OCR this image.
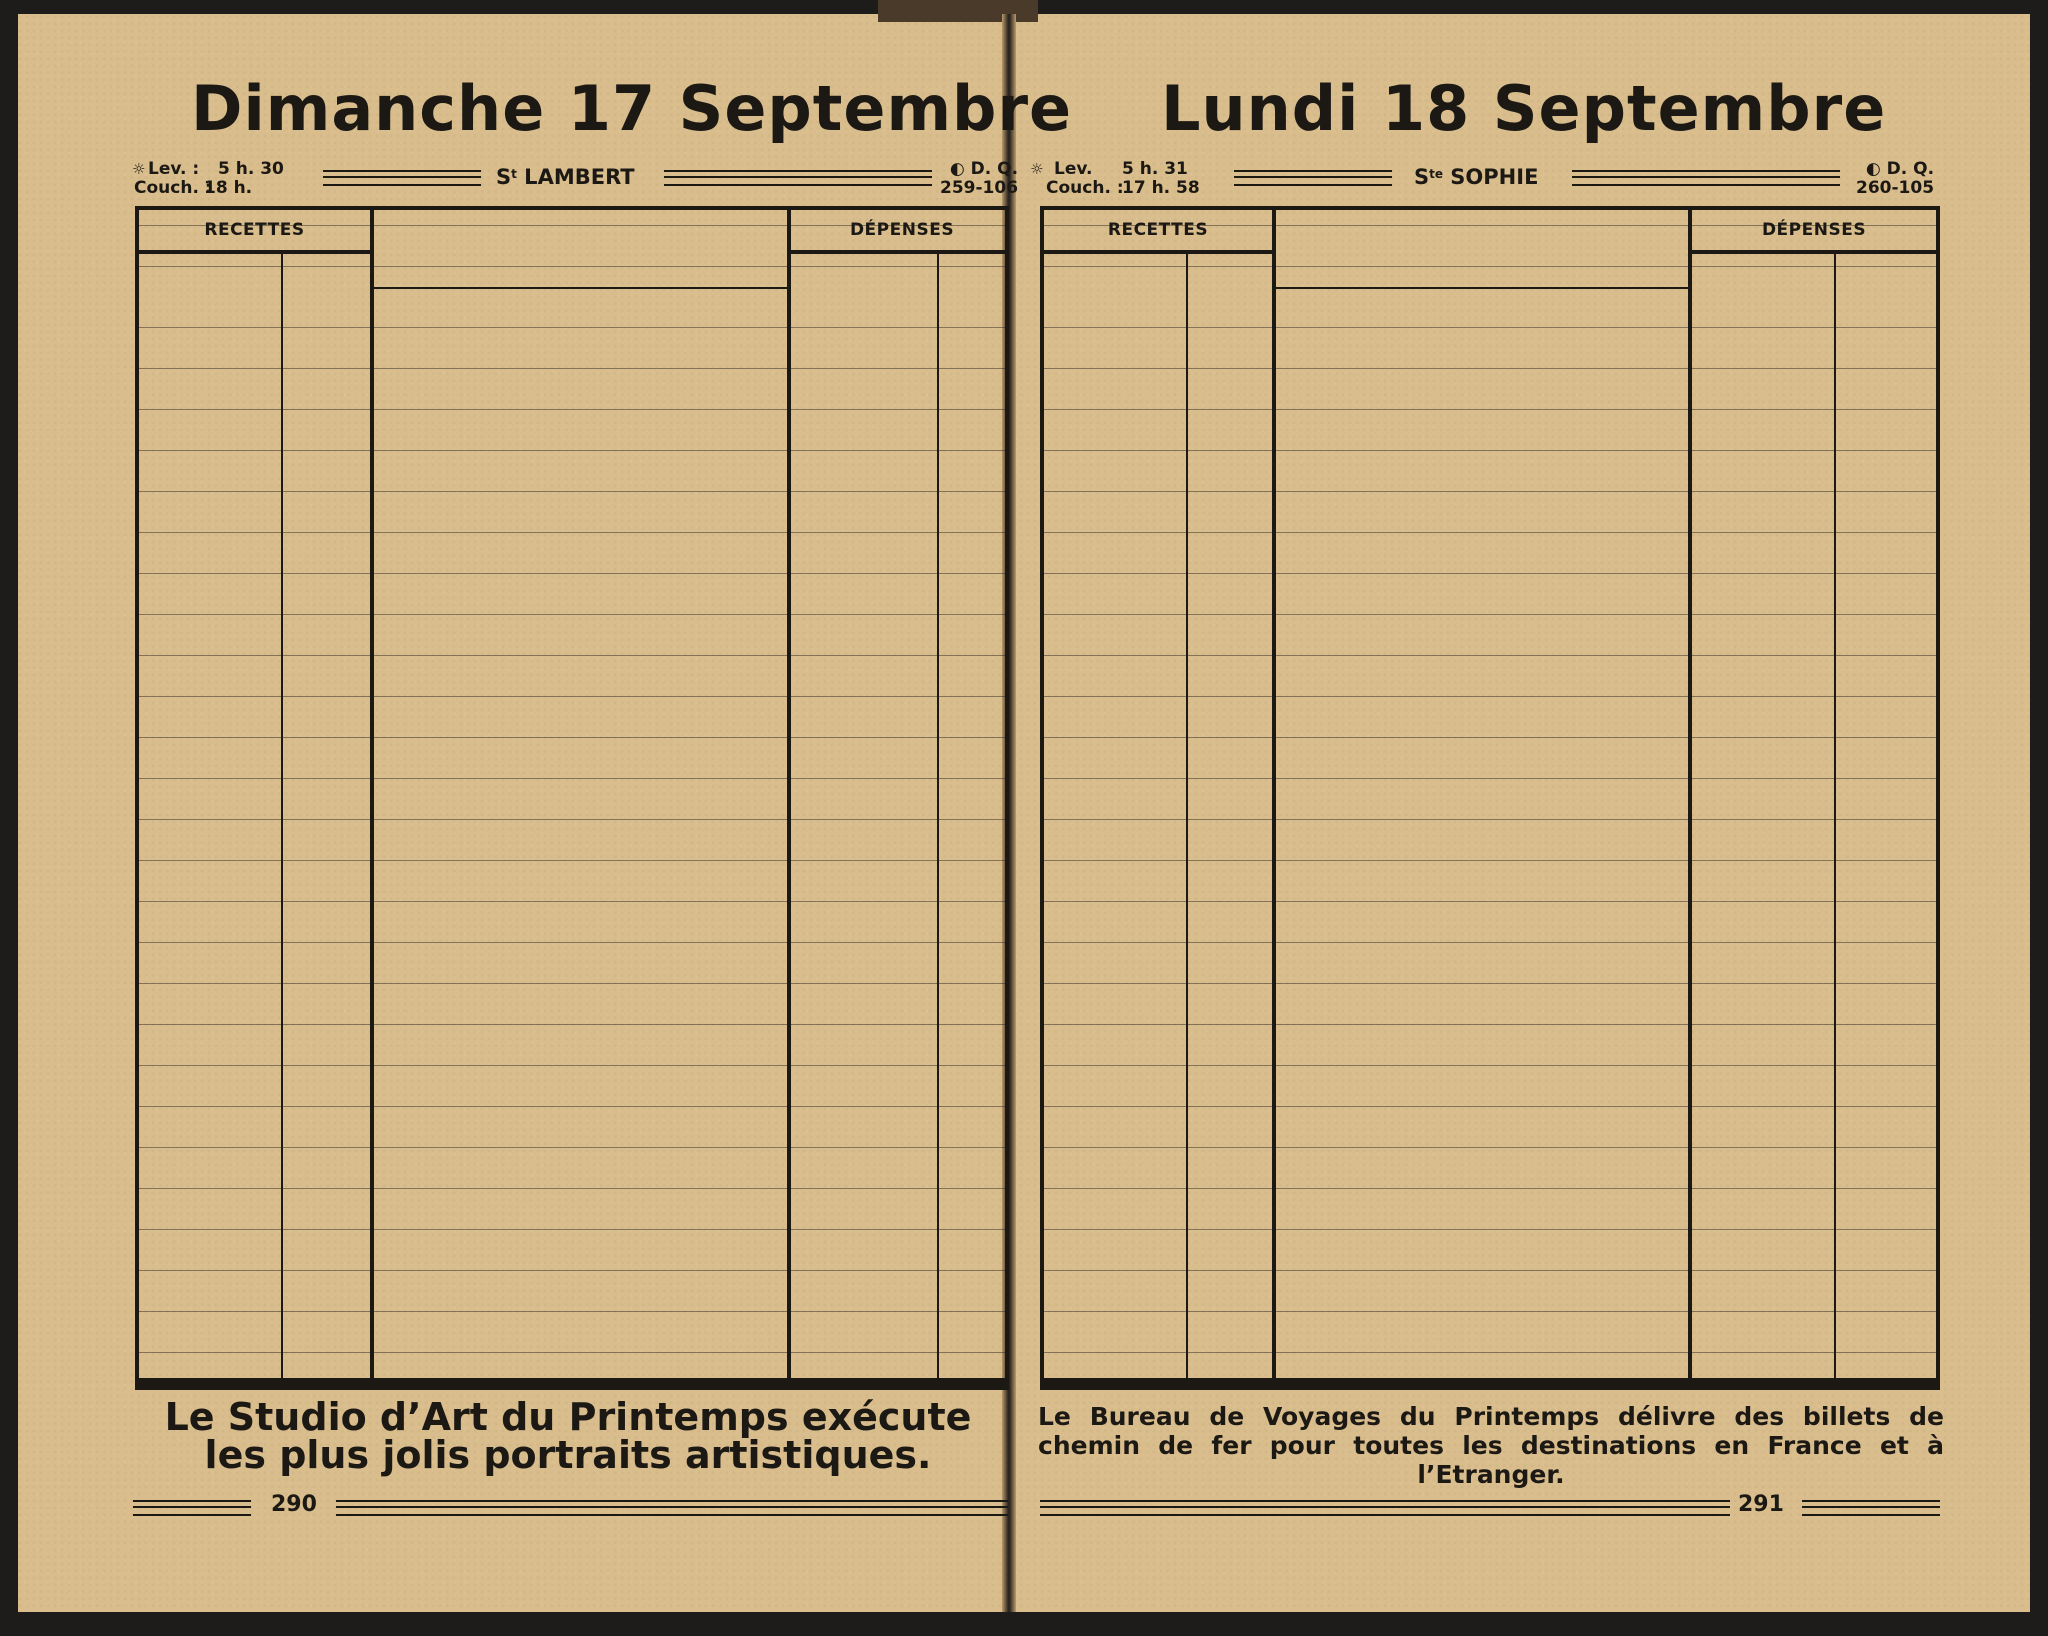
Dimanche 17 Septembre
☼ Lev. : 5 h. 30
Couch. :18 h.	$S^t$ LAMBERT	◐ D. Q.
259-106
RECETTES	DÉPENSES
Le Studio d’Art du Printemps exécute
les plus jolis portraits artistiques.
290
Lundi 18 Septembre
☼ Lev. 5 h. 31
Couch. :17 h. 58	$S^{te}$ SOPHIE	◐ D. Q.
260-105
RECETTES	DÉPENSES
Le Bureau de Voyages du Printemps délivre des billets de chemin de fer pour toutes les destinations en France et à l’Etranger.
291
